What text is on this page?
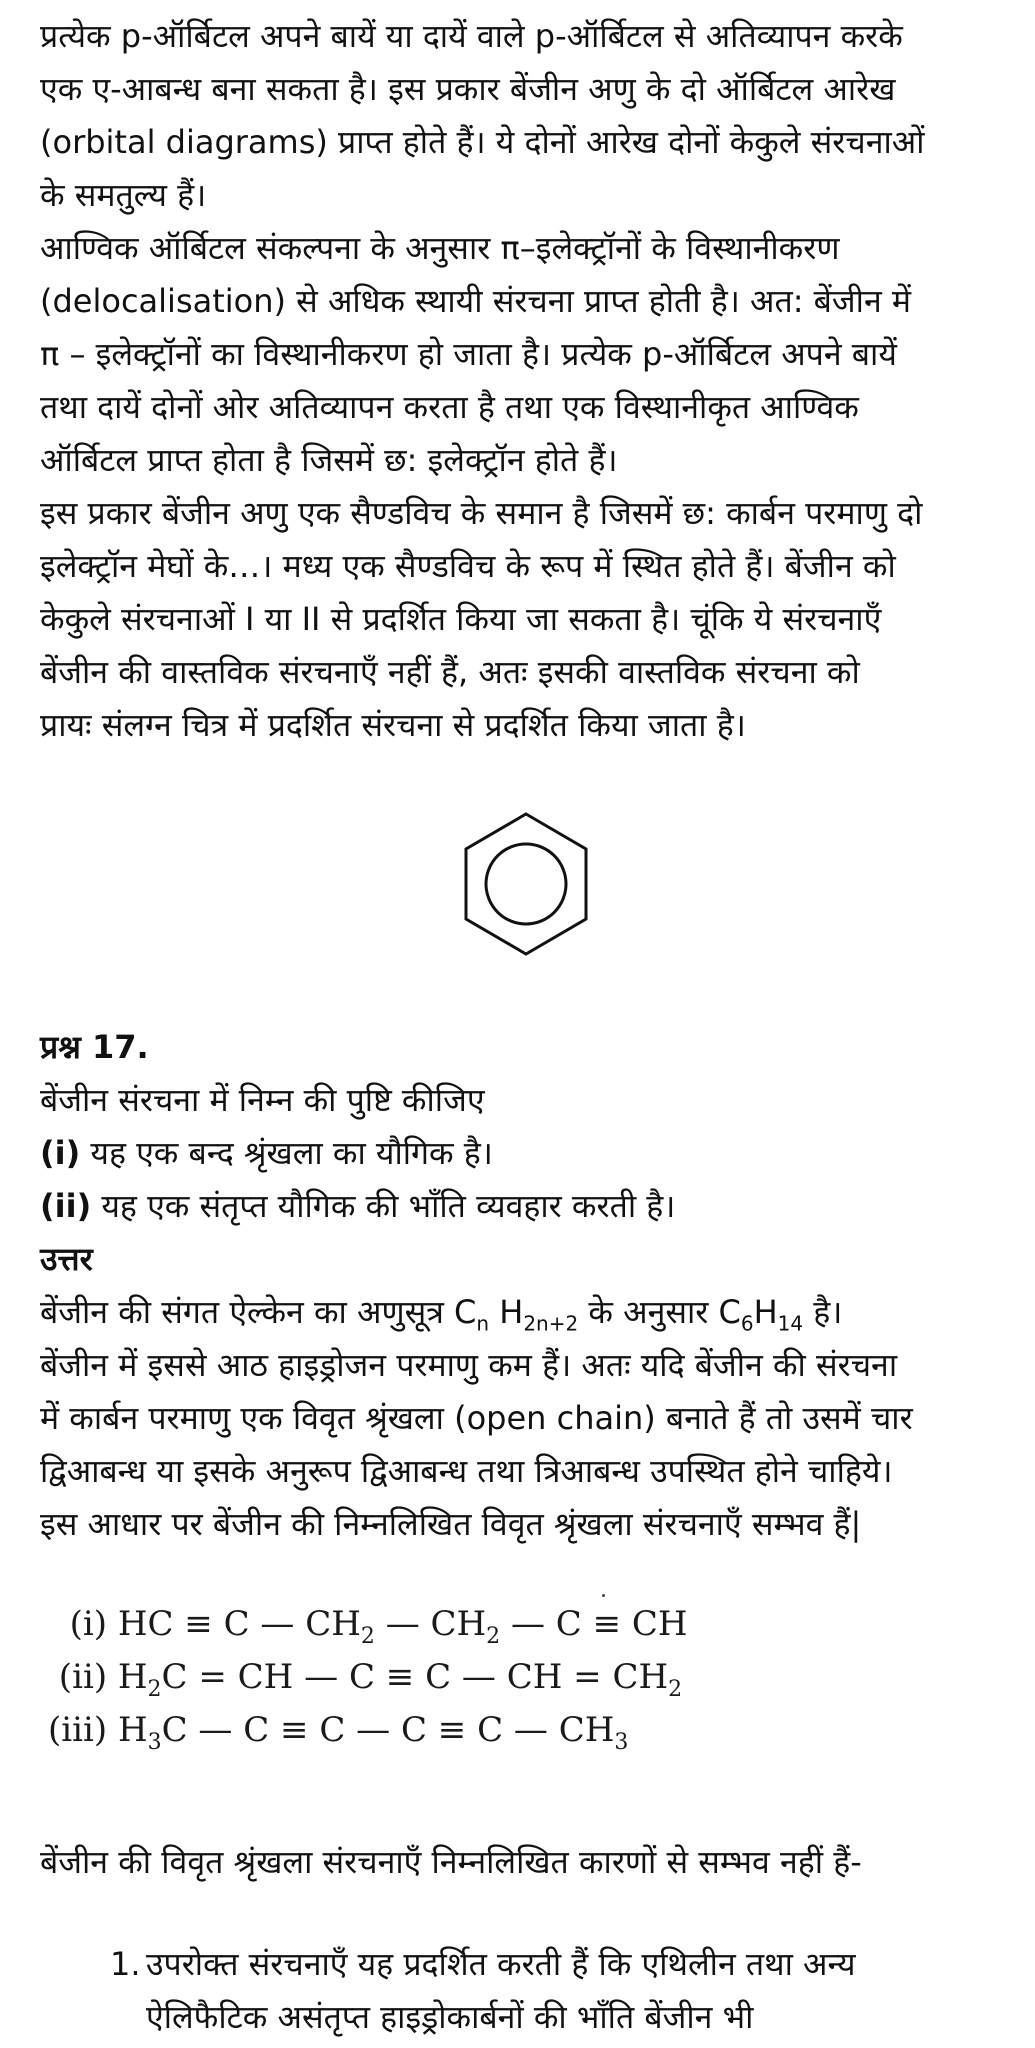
प्रत्येक p-ऑर्बिटल अपने बायें या दायें वाले p-ऑर्बिटल से अतिव्यापन करके
एक ए-आबन्ध बना सकता है। इस प्रकार बेंजीन अणु के दो ऑर्बिटल आरेख
(orbital diagrams) प्राप्त होते हैं। ये दोनों आरेख दोनों केकुले संरचनाओं
के समतुल्य हैं।
आण्विक ऑर्बिटल संकल्पना के अनुसार π–इलेक्ट्रॉनों के विस्थानीकरण
(delocalisation) से अधिक स्थायी संरचना प्राप्त होती है। अत: बेंजीन में
π – इलेक्ट्रॉनों का विस्थानीकरण हो जाता है। प्रत्येक p-ऑर्बिटल अपने बायें
तथा दायें दोनों ओर अतिव्यापन करता है तथा एक विस्थानीकृत आण्विक
ऑर्बिटल प्राप्त होता है जिसमें छ: इलेक्ट्रॉन होते हैं।
इस प्रकार बेंजीन अणु एक सैण्डविच के समान है जिसमें छ: कार्बन परमाणु दो
इलेक्ट्रॉन मेघों के…। मध्य एक सैण्डविच के रूप में स्थित होते हैं। बेंजीन को
केकुले संरचनाओं I या II से प्रदर्शित किया जा सकता है। चूंकि ये संरचनाएँ
बेंजीन की वास्तविक संरचनाएँ नहीं हैं, अतः इसकी वास्तविक संरचना को
प्रायः संलग्न चित्र में प्रदर्शित संरचना से प्रदर्शित किया जाता है।
प्रश्न 17.
बेंजीन संरचना में निम्न की पुष्टि कीजिए
(i) यह एक बन्द श्रृंखला का यौगिक है।
(ii) यह एक संतृप्त यौगिक की भाँति व्यवहार करती है।
उत्तर
बेंजीन की संगत ऐल्केन का अणुसूत्र $C_n$ $H_{2n+2}$ के अनुसार $C_6H_{14}$ है।
बेंजीन में इससे आठ हाइड्रोजन परमाणु कम हैं। अतः यदि बेंजीन की संरचना
में कार्बन परमाणु एक विवृत श्रृंखला (open chain) बनाते हैं तो उसमें चार
द्विआबन्ध या इसके अनुरूप द्विआबन्ध तथा त्रिआबन्ध उपस्थित होने चाहिये।
इस आधार पर बेंजीन की निम्नलिखित विवृत श्रृंखला संरचनाएँ सम्भव हैं|
(i) HC ≡ C — $CH_2$ — $CH_2$ — C ≡ CH
(ii) $H_2C$ = CH — C ≡ C — CH = $CH_2$
(iii) $H_3C$ — C ≡ C — C ≡ C — $CH_3$
बेंजीन की विवृत श्रृंखला संरचनाएँ निम्नलिखित कारणों से सम्भव नहीं हैं-
1. उपरोक्त संरचनाएँ यह प्रदर्शित करती हैं कि एथिलीन तथा अन्य
ऐलिफैटिक असंतृप्त हाइड्रोकार्बनों की भाँति बेंजीन भी
